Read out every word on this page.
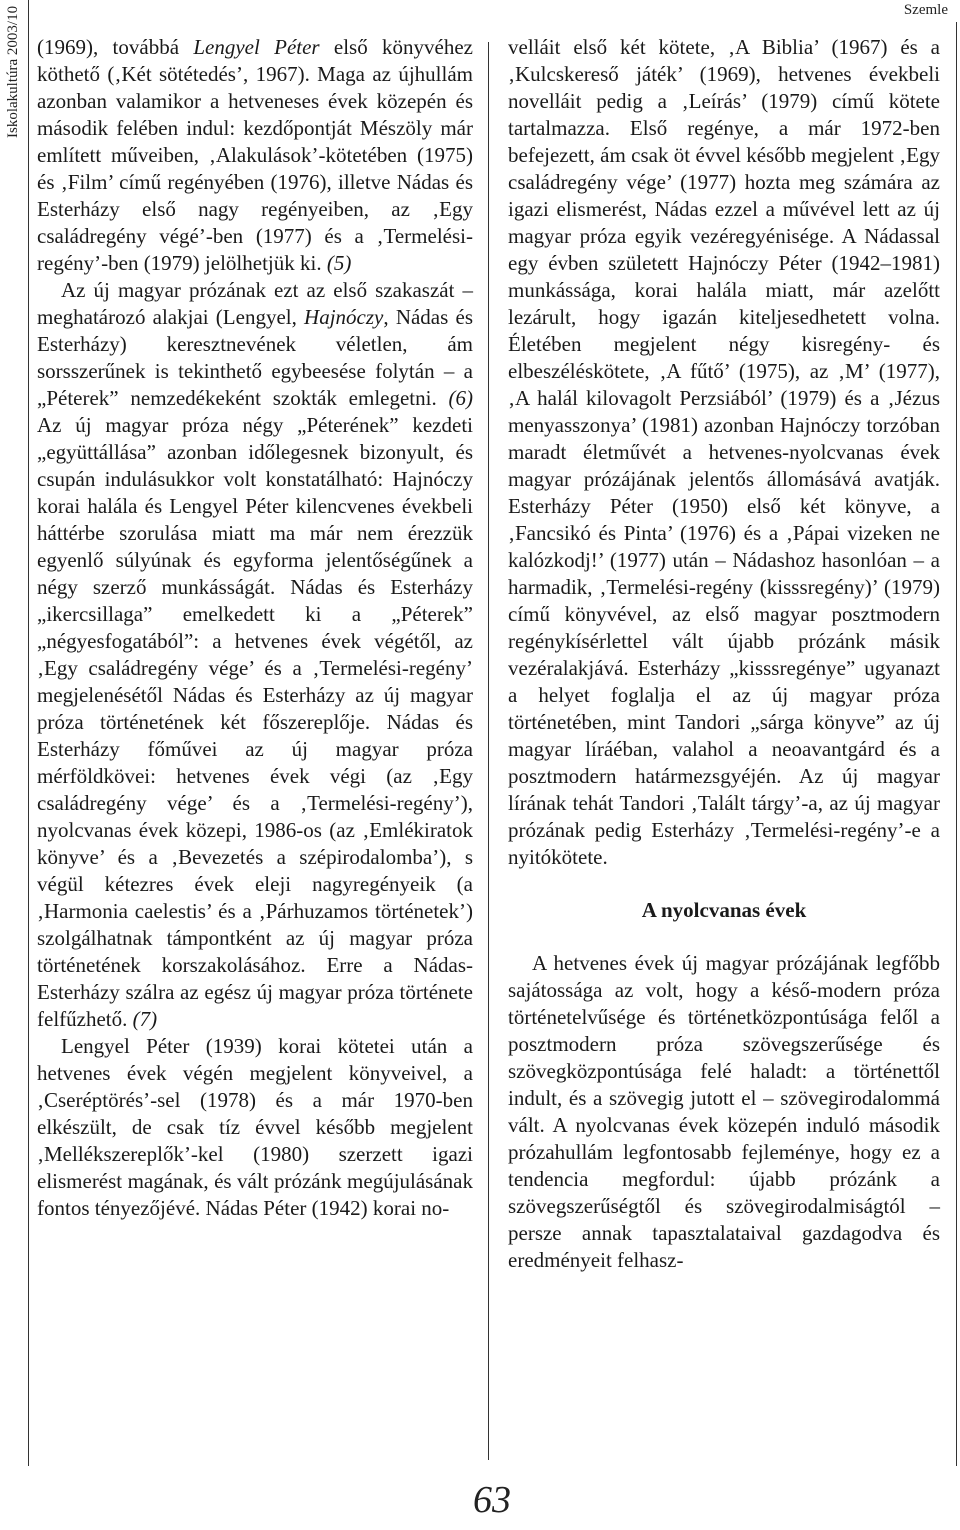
Iskolakultúra 2003/10	Szemle

(1969), továbbá Lengyel Péter első könyvéhez köthető (‚Két sötétedés’, 1967). Maga az újhullám azonban valamikor a hetveneses évek közepén és második felében indul: kezdőpontját Mészöly már említett műveiben, ‚Alakulások’-kötetében (1975) és ‚Film’ című regényében (1976), illetve Nádas és Esterházy első nagy regényeiben, az ‚Egy családregény végé’-ben (1977) és a ‚Termelési-regény’-ben (1979) jelölhetjük ki. (5)

Az új magyar prózának ezt az első szakaszát – meghatározó alakjai (Lengyel, Hajnóczy, Nádas és Esterházy) keresztnevének véletlen, ám sorsszerűnek is tekinthető egybeesése folytán – a „Péterek” nemzedékeként szokták emlegetni. (6) Az új magyar próza négy „Péterének” kezdeti „együttállása” azonban időlegesnek bizonyult, és csupán indulásukkor volt konstatálható: Hajnóczy korai halála és Lengyel Péter kilencvenes évekbeli háttérbe szorulása miatt ma már nem érezzük egyenlő súlyúnak és egyforma jelentőségűnek a négy szerző munkásságát. Nádas és Esterházy „ikercsillaga” emelkedett ki a „Péterek” „négyesfogatából”: a hetvenes évek végétől, az ‚Egy családregény vége’ és a ‚Termelési-regény’ megjelenésétől Nádas és Esterházy az új magyar próza történetének két főszereplője. Nádas és Esterházy főművei az új magyar próza mérföldkövei: hetvenes évek végi (az ‚Egy családregény vége’ és a ‚Termelési-regény’), nyolcvanas évek közepi, 1986-os (az ‚Emlékiratok könyve’ és a ‚Bevezetés a szépirodalomba’), s végül kétezres évek eleji nagyregényeik (a ‚Harmonia caelestis’ és a ‚Párhuzamos történetek’) szolgálhatnak támpontként az új magyar próza történetének korszakolásához. Erre a Nádas-Esterházy szálra az egész új magyar próza története felfűzhető. (7)

Lengyel Péter (1939) korai kötetei után a hetvenes évek végén megjelent könyveivel, a ‚Cseréptörés’-sel (1978) és a már 1970-ben elkészült, de csak tíz évvel később megjelent ‚Mellékszereplők’-kel (1980) szerzett igazi elismerést magának, és vált prózánk megújulásának fontos tényezőjévé. Nádas Péter (1942) korai no-

velláit első két kötete, ‚A Biblia’ (1967) és a ‚Kulcskereső játék’ (1969), hetvenes évekbeli novelláit pedig a ‚Leírás’ (1979) című kötete tartalmazza. Első regénye, a már 1972-ben befejezett, ám csak öt évvel később megjelent ‚Egy családregény vége’ (1977) hozta meg számára az igazi elismerést, Nádas ezzel a művével lett az új magyar próza egyik vezéregyénisége. A Nádassal egy évben született Hajnóczy Péter (1942–1981) munkássága, korai halála miatt, már azelőtt lezárult, hogy igazán kiteljesedhetett volna. Életében megjelent négy kisregény- és elbeszéléskötete, ‚A fűtő’ (1975), az ‚M’ (1977), ‚A halál kilovagolt Perzsiából’ (1979) és a ‚Jézus menyasszonya’ (1981) azonban Hajnóczy torzóban maradt életművét a hetvenes-nyolcvanas évek magyar prózájának jelentős állomásává avatják. Esterházy Péter (1950) első két könyve, a ‚Fancsikó és Pinta’ (1976) és a ‚Pápai vizeken ne kalózkodj!’ (1977) után – Nádashoz hasonlóan – a harmadik, ‚Termelési-regény (kisssregény)’ (1979) című könyvével, az első magyar posztmodern regénykísérlettel vált újabb prózánk másik vezéralakjává. Esterházy „kisssregénye” ugyanazt a helyet foglalja el az új magyar próza történetében, mint Tandori „sárga könyve” az új magyar líráéban, valahol a neoavantgárd és a posztmodern határmezsgyéjén. Az új magyar lírának tehát Tandori ‚Talált tárgy’-a, az új magyar prózának pedig Esterházy ‚Termelési-regény’-e a nyitókötete.

A nyolcvanas évek

A hetvenes évek új magyar prózájának legfőbb sajátossága az volt, hogy a késő-modern próza történetelvűsége és történetközpontúsága felől a posztmodern próza szövegszerűsége és szövegközpontúsága felé haladt: a történettől indult, és a szövegig jutott el – szövegirodalommá vált. A nyolcvanas évek közepén induló második prózahullám legfontosabb fejleménye, hogy ez a tendencia megfordul: újabb prózánk a szövegszerűségtől és szövegirodalmiságtól – persze annak tapasztalataival gazdagodva és eredményeit felhasz-

63
